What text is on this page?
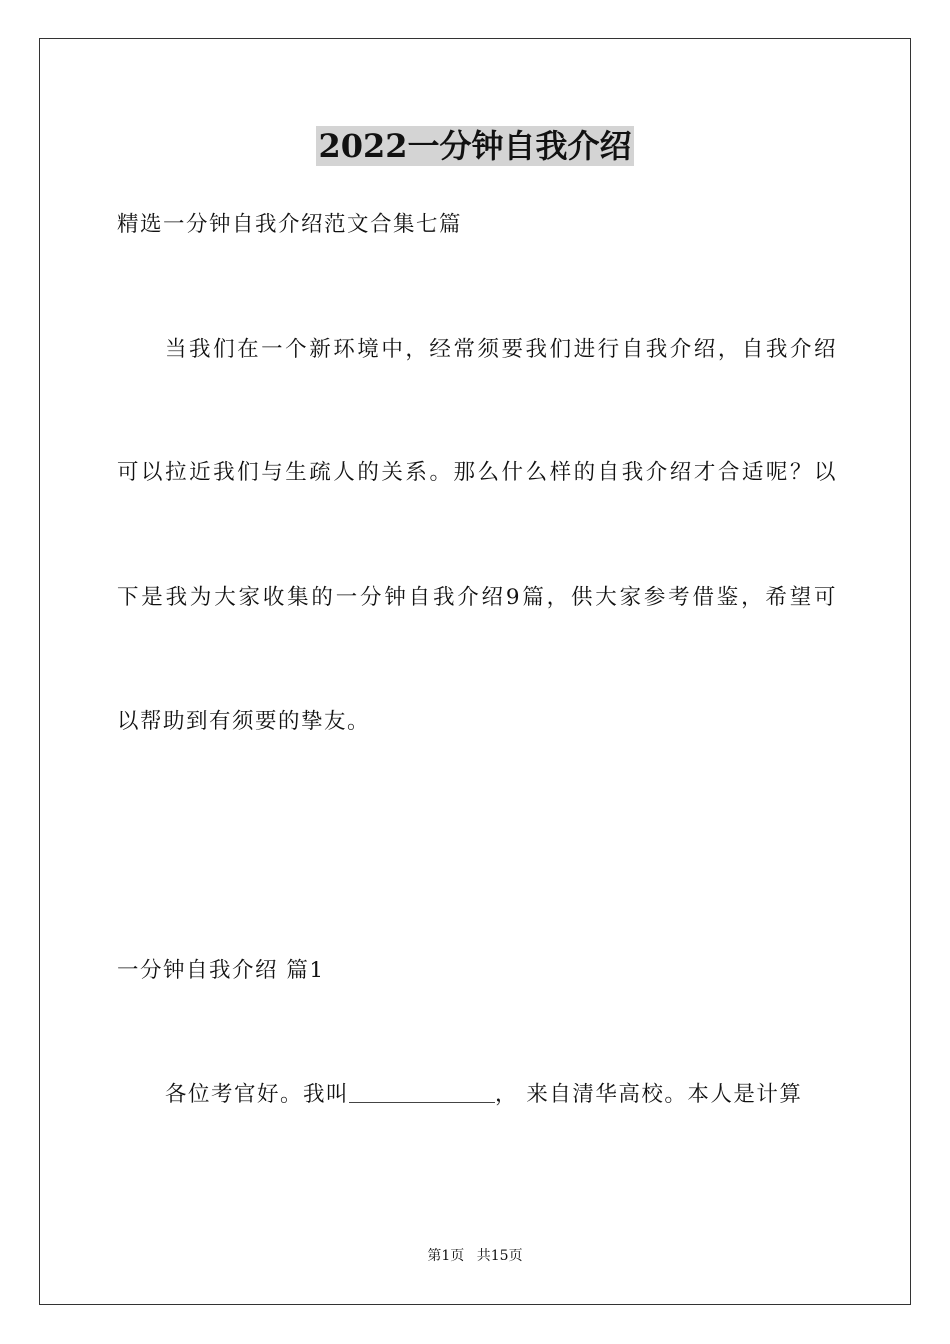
2022一分钟自我介绍
精选一分钟自我介绍范文合集七篇
当我们在一个新环境中，经常须要我们进行自我介绍，自我介绍
可以拉近我们与生疏人的关系。那么什么样的自我介绍才合适呢？以
下是我为大家收集的一分钟自我介绍9篇，供大家参考借鉴，希望可
以帮助到有须要的挚友。
一分钟自我介绍 篇1
各位考官好。我叫	， 来自清华高校。本人是计算
第1页 共15页
